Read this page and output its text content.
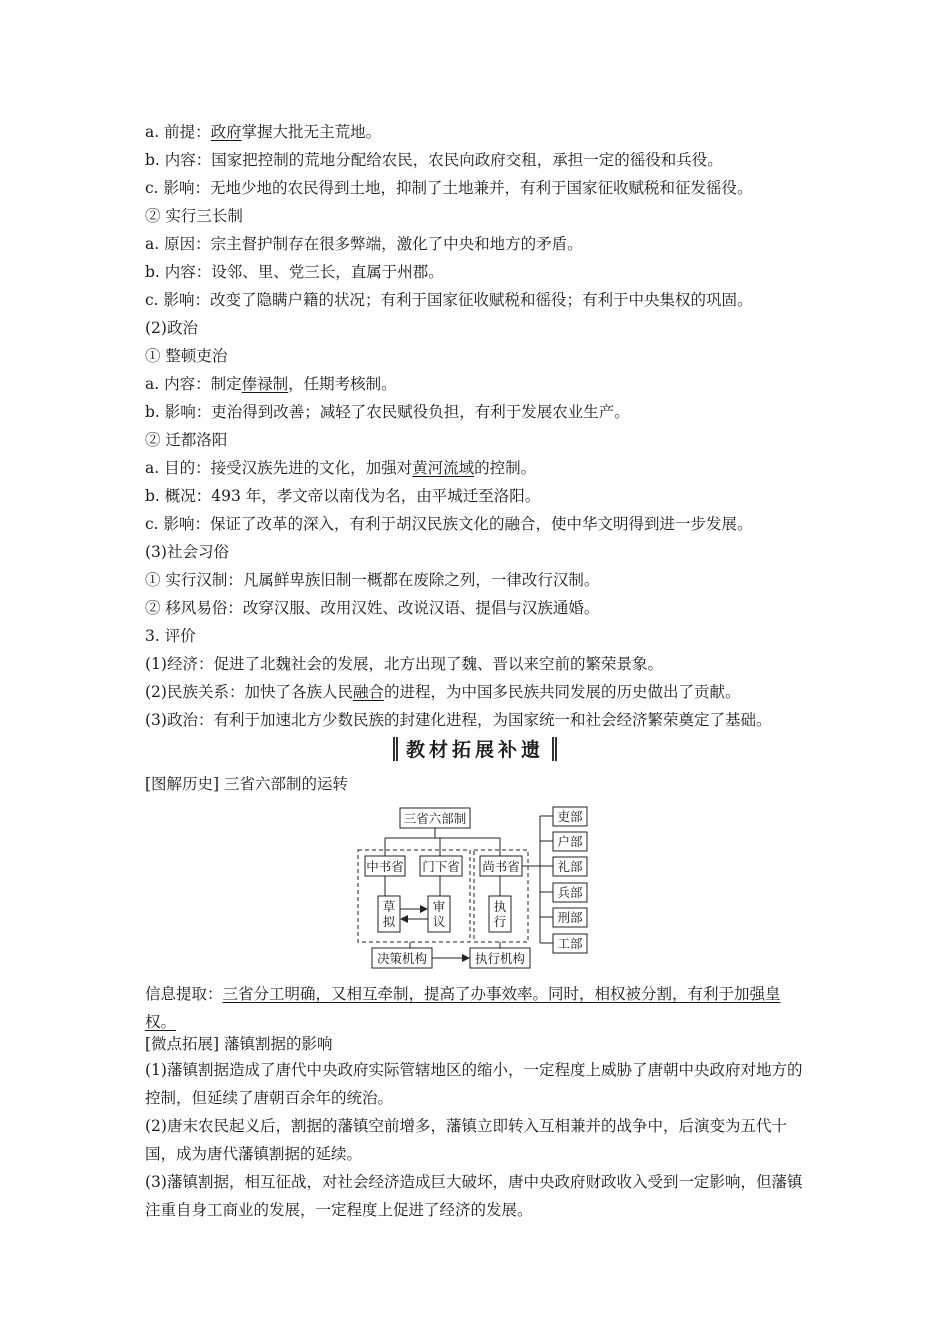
a. 前提：政府掌握大批无主荒地。
b. 内容：国家把控制的荒地分配给农民，农民向政府交租，承担一定的徭役和兵役。
c. 影响：无地少地的农民得到土地，抑制了土地兼并，有利于国家征收赋税和征发徭役。
② 实行三长制
a. 原因：宗主督护制存在很多弊端，激化了中央和地方的矛盾。
b. 内容：设邻、里、党三长，直属于州郡。
c. 影响：改变了隐瞒户籍的状况；有利于国家征收赋税和徭役；有利于中央集权的巩固。
(2)政治
① 整顿吏治
a. 内容：制定俸禄制，任期考核制。
b. 影响：吏治得到改善；减轻了农民赋役负担，有利于发展农业生产。
② 迁都洛阳
a. 目的：接受汉族先进的文化，加强对黄河流域的控制。
b. 概况：493 年，孝文帝以南伐为名，由平城迁至洛阳。
c. 影响：保证了改革的深入，有利于胡汉民族文化的融合，使中华文明得到进一步发展。
(3)社会习俗
① 实行汉制：凡属鲜卑族旧制一概都在废除之列，一律改行汉制。
② 移风易俗：改穿汉服、改用汉姓、改说汉语、提倡与汉族通婚。
3. 评价
(1)经济：促进了北魏社会的发展，北方出现了魏、晋以来空前的繁荣景象。
(2)民族关系：加快了各族人民融合的进程，为中国多民族共同发展的历史做出了贡献。
(3)政治：有利于加速北方少数民族的封建化进程，为国家统一和社会经济繁荣奠定了基础。
教材拓展补遗
[图解历史] 三省六部制的运转
三省六部制
中书省 门下省 尚书省
草
拟
审
议
执
行
决策机构	执行机构
吏部
户部
礼部
兵部
刑部
工部
信息提取：三省分工明确，又相互牵制，提高了办事效率。同时，相权被分割，有利于加强皇权。
[微点拓展] 藩镇割据的影响
(1)藩镇割据造成了唐代中央政府实际管辖地区的缩小，一定程度上威胁了唐朝中央政府对地方的控制，但延续了唐朝百余年的统治。
(2)唐末农民起义后，割据的藩镇空前增多，藩镇立即转入互相兼并的战争中，后演变为五代十国，成为唐代藩镇割据的延续。
(3)藩镇割据，相互征战，对社会经济造成巨大破坏，唐中央政府财政收入受到一定影响，但藩镇注重自身工商业的发展，一定程度上促进了经济的发展。
